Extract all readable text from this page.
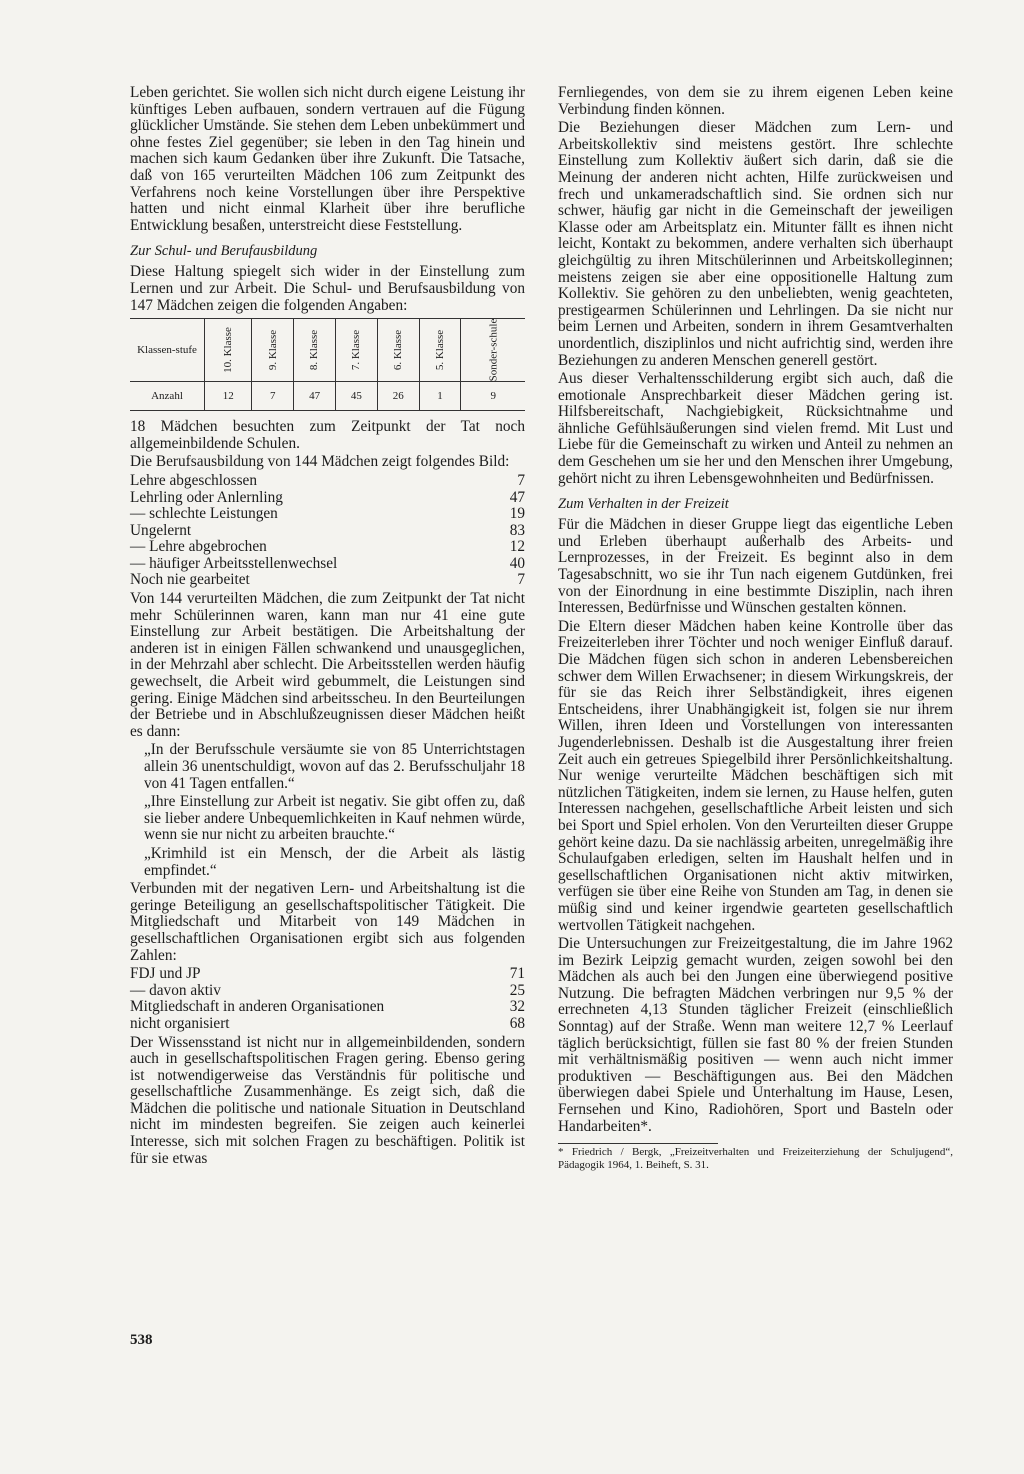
Leben gerichtet. Sie wollen sich nicht durch eigene Leistung ihr künftiges Leben aufbauen, sondern vertrauen auf die Fügung glücklicher Umstände. Sie stehen dem Leben unbekümmert und ohne festes Ziel gegenüber; sie leben in den Tag hinein und machen sich kaum Gedanken über ihre Zukunft. Die Tatsache, daß von 165 verurteilten Mädchen 106 zum Zeitpunkt des Verfahrens noch keine Vorstellungen über ihre Perspektive hatten und nicht einmal Klarheit über ihre berufliche Entwicklung besaßen, unterstreicht diese Feststellung.

Zur Schul- und Berufausbildung

Diese Haltung spiegelt sich wider in der Einstellung zum Lernen und zur Arbeit. Die Schul- und Berufsausbildung von 147 Mädchen zeigen die folgenden Angaben:

Klassen-stufe	10. Klasse	9. Klasse	8. Klasse	7. Klasse	6. Klasse	5. Klasse	Sonder-schule
Anzahl	12	7	47	45	26	1	9

18 Mädchen besuchten zum Zeitpunkt der Tat noch allgemeinbildende Schulen.

Die Berufsausbildung von 144 Mädchen zeigt folgendes Bild:

Lehre abgeschlossen	7
Lehrling oder Anlernling	47
— schlechte Leistungen	19
Ungelernt	83
— Lehre abgebrochen	12
— häufiger Arbeitsstellenwechsel	40
Noch nie gearbeitet	7

Von 144 verurteilten Mädchen, die zum Zeitpunkt der Tat nicht mehr Schülerinnen waren, kann man nur 41 eine gute Einstellung zur Arbeit bestätigen. Die Arbeitshaltung der anderen ist in einigen Fällen schwankend und unausgeglichen, in der Mehrzahl aber schlecht. Die Arbeitsstellen werden häufig gewechselt, die Arbeit wird gebummelt, die Leistungen sind gering. Einige Mädchen sind arbeitsscheu. In den Beurteilungen der Betriebe und in Abschlußzeugnissen dieser Mädchen heißt es dann:

„In der Berufsschule versäumte sie von 85 Unterrichtstagen allein 36 unentschuldigt, wovon auf das 2. Berufsschuljahr 18 von 41 Tagen entfallen.“

„Ihre Einstellung zur Arbeit ist negativ. Sie gibt offen zu, daß sie lieber andere Unbequemlichkeiten in Kauf nehmen würde, wenn sie nur nicht zu arbeiten brauchte.“

„Krimhild ist ein Mensch, der die Arbeit als lästig empfindet.“

Verbunden mit der negativen Lern- und Arbeitshaltung ist die geringe Beteiligung an gesellschaftspolitischer Tätigkeit. Die Mitgliedschaft und Mitarbeit von 149 Mädchen in gesellschaftlichen Organisationen ergibt sich aus folgenden Zahlen:

FDJ und JP	71
— davon aktiv	25
Mitgliedschaft in anderen Organisationen	32
nicht organisiert	68

Der Wissensstand ist nicht nur in allgemeinbildenden, sondern auch in gesellschaftspolitischen Fragen gering. Ebenso gering ist notwendigerweise das Verständnis für politische und gesellschaftliche Zusammenhänge. Es zeigt sich, daß die Mädchen die politische und nationale Situation in Deutschland nicht im mindesten begreifen. Sie zeigen auch keinerlei Interesse, sich mit solchen Fragen zu beschäftigen. Politik ist für sie etwas

Fernliegendes, von dem sie zu ihrem eigenen Leben keine Verbindung finden können.

Die Beziehungen dieser Mädchen zum Lern- und Arbeitskollektiv sind meistens gestört. Ihre schlechte Einstellung zum Kollektiv äußert sich darin, daß sie die Meinung der anderen nicht achten, Hilfe zurückweisen und frech und unkameradschaftlich sind. Sie ordnen sich nur schwer, häufig gar nicht in die Gemeinschaft der jeweiligen Klasse oder am Arbeitsplatz ein. Mitunter fällt es ihnen nicht leicht, Kontakt zu bekommen, andere verhalten sich überhaupt gleichgültig zu ihren Mitschülerinnen und Arbeitskolleginnen; meistens zeigen sie aber eine oppositionelle Haltung zum Kollektiv. Sie gehören zu den unbeliebten, wenig geachteten, prestigearmen Schülerinnen und Lehrlingen. Da sie nicht nur beim Lernen und Arbeiten, sondern in ihrem Gesamtverhalten unordentlich, disziplinlos und nicht aufrichtig sind, werden ihre Beziehungen zu anderen Menschen generell gestört.

Aus dieser Verhaltensschilderung ergibt sich auch, daß die emotionale Ansprechbarkeit dieser Mädchen gering ist. Hilfsbereitschaft, Nachgiebigkeit, Rücksichtnahme und ähnliche Gefühlsäußerungen sind vielen fremd. Mit Lust und Liebe für die Gemeinschaft zu wirken und Anteil zu nehmen an dem Geschehen um sie her und den Menschen ihrer Umgebung, gehört nicht zu ihren Lebensgewohnheiten und Bedürfnissen.

Zum Verhalten in der Freizeit

Für die Mädchen in dieser Gruppe liegt das eigentliche Leben und Erleben überhaupt außerhalb des Arbeits- und Lernprozesses, in der Freizeit. Es beginnt also in dem Tagesabschnitt, wo sie ihr Tun nach eigenem Gutdünken, frei von der Einordnung in eine bestimmte Disziplin, nach ihren Interessen, Bedürfnisse und Wünschen gestalten können.

Die Eltern dieser Mädchen haben keine Kontrolle über das Freizeiterleben ihrer Töchter und noch weniger Einfluß darauf. Die Mädchen fügen sich schon in anderen Lebensbereichen schwer dem Willen Erwachsener; in diesem Wirkungskreis, der für sie das Reich ihrer Selbständigkeit, ihres eigenen Entscheidens, ihrer Unabhängigkeit ist, folgen sie nur ihrem Willen, ihren Ideen und Vorstellungen von interessanten Jugenderlebnissen. Deshalb ist die Ausgestaltung ihrer freien Zeit auch ein getreues Spiegelbild ihrer Persönlichkeitshaltung. Nur wenige verurteilte Mädchen beschäftigen sich mit nützlichen Tätigkeiten, indem sie lernen, zu Hause helfen, guten Interessen nachgehen, gesellschaftliche Arbeit leisten und sich bei Sport und Spiel erholen. Von den Verurteilten dieser Gruppe gehört keine dazu. Da sie nachlässig arbeiten, unregelmäßig ihre Schulaufgaben erledigen, selten im Haushalt helfen und in gesellschaftlichen Organisationen nicht aktiv mitwirken, verfügen sie über eine Reihe von Stunden am Tag, in denen sie müßig sind und keiner irgendwie gearteten gesellschaftlich wertvollen Tätigkeit nachgehen.

Die Untersuchungen zur Freizeitgestaltung, die im Jahre 1962 im Bezirk Leipzig gemacht wurden, zeigen sowohl bei den Mädchen als auch bei den Jungen eine überwiegend positive Nutzung. Die befragten Mädchen verbringen nur 9,5 % der errechneten 4,13 Stunden täglicher Freizeit (einschließlich Sonntag) auf der Straße. Wenn man weitere 12,7 % Leerlauf täglich berücksichtigt, füllen sie fast 80 % der freien Stunden mit verhältnismäßig positiven — wenn auch nicht immer produktiven — Beschäftigungen aus. Bei den Mädchen überwiegen dabei Spiele und Unterhaltung im Hause, Lesen, Fernsehen und Kino, Radiohören, Sport und Basteln oder Handarbeiten*.

* Friedrich / Bergk, „Freizeitverhalten und Freizeiterziehung der Schuljugend“, Pädagogik 1964, 1. Beiheft, S. 31.
538
